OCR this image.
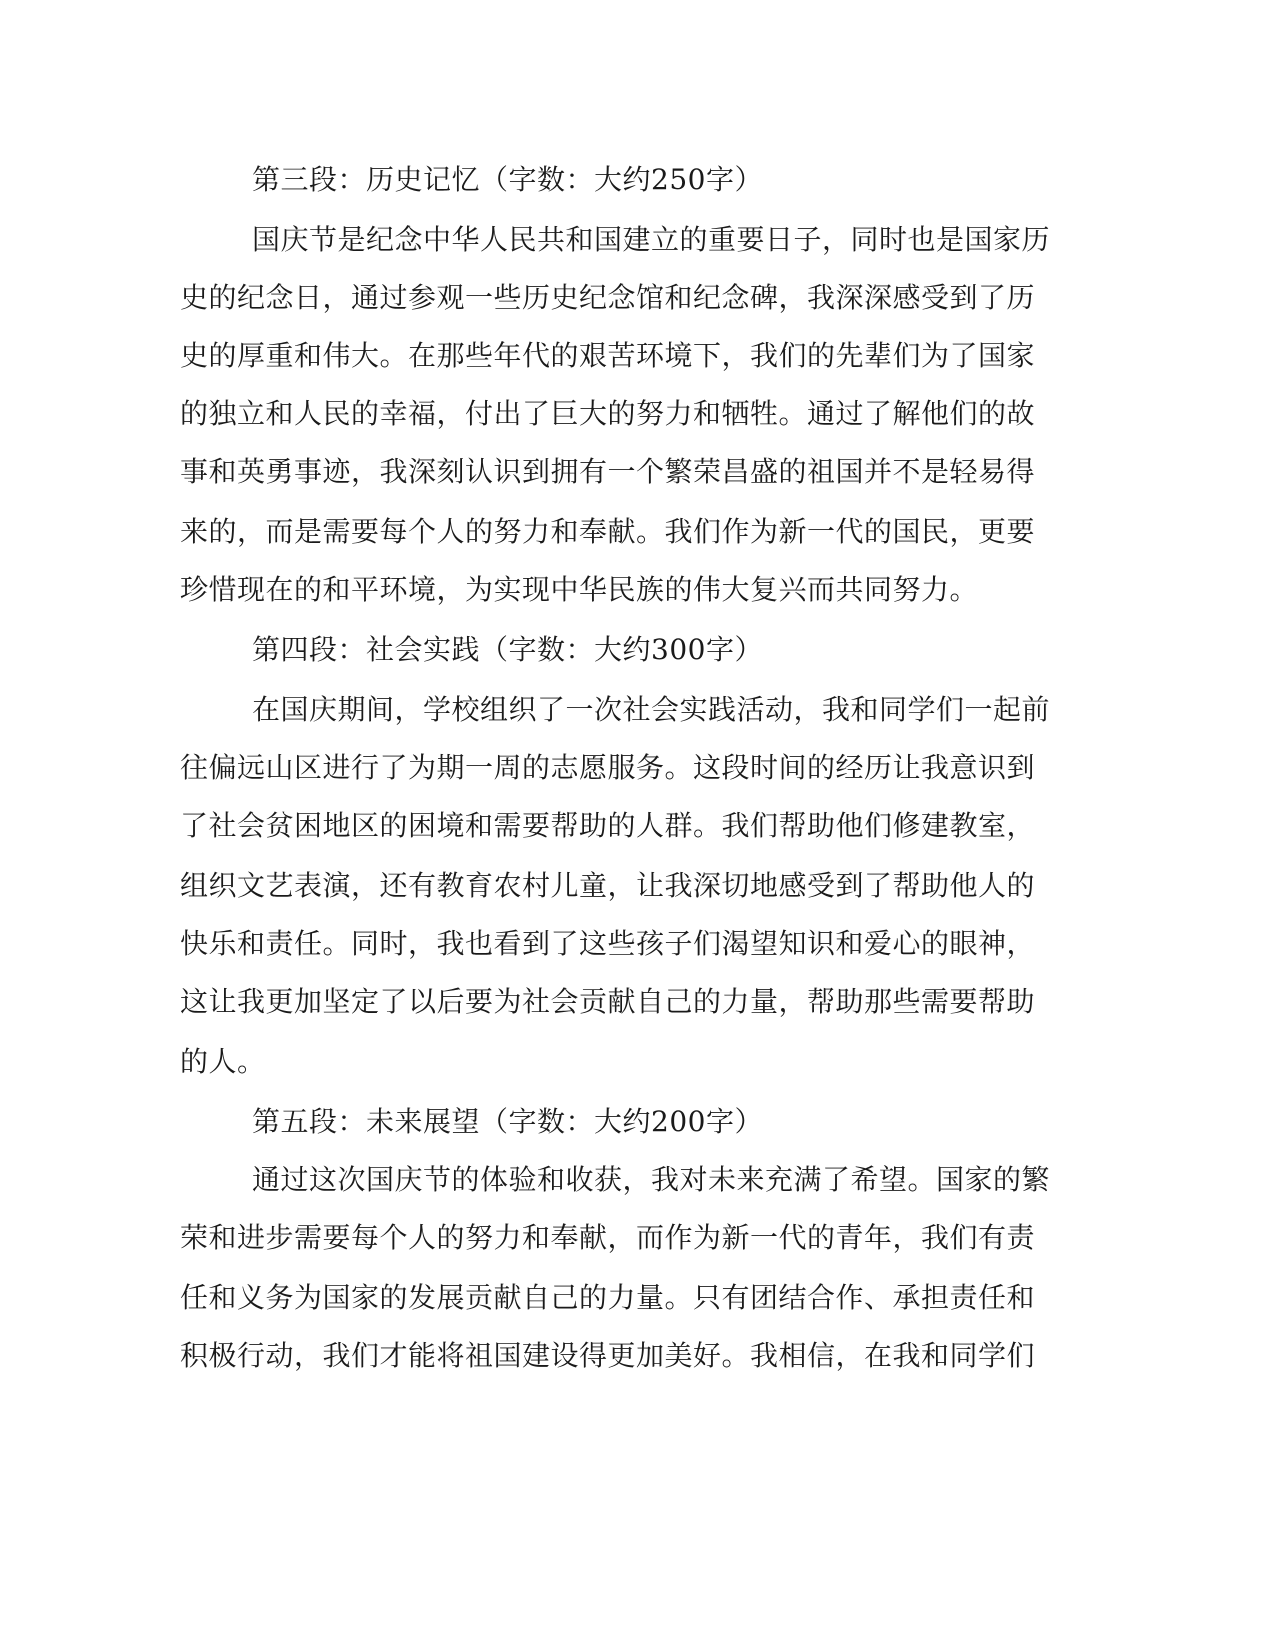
第三段：历史记忆（字数：大约250字）
国庆节是纪念中华人民共和国建立的重要日子，同时也是国家历
史的纪念日，通过参观一些历史纪念馆和纪念碑，我深深感受到了历
史的厚重和伟大。在那些年代的艰苦环境下，我们的先辈们为了国家
的独立和人民的幸福，付出了巨大的努力和牺牲。通过了解他们的故
事和英勇事迹，我深刻认识到拥有一个繁荣昌盛的祖国并不是轻易得
来的，而是需要每个人的努力和奉献。我们作为新一代的国民，更要
珍惜现在的和平环境，为实现中华民族的伟大复兴而共同努力。
第四段：社会实践（字数：大约300字）
在国庆期间，学校组织了一次社会实践活动，我和同学们一起前
往偏远山区进行了为期一周的志愿服务。这段时间的经历让我意识到
了社会贫困地区的困境和需要帮助的人群。我们帮助他们修建教室，
组织文艺表演，还有教育农村儿童，让我深切地感受到了帮助他人的
快乐和责任。同时，我也看到了这些孩子们渴望知识和爱心的眼神，
这让我更加坚定了以后要为社会贡献自己的力量，帮助那些需要帮助
的人。
第五段：未来展望（字数：大约200字）
通过这次国庆节的体验和收获，我对未来充满了希望。国家的繁
荣和进步需要每个人的努力和奉献，而作为新一代的青年，我们有责
任和义务为国家的发展贡献自己的力量。只有团结合作、承担责任和
积极行动，我们才能将祖国建设得更加美好。我相信，在我和同学们
